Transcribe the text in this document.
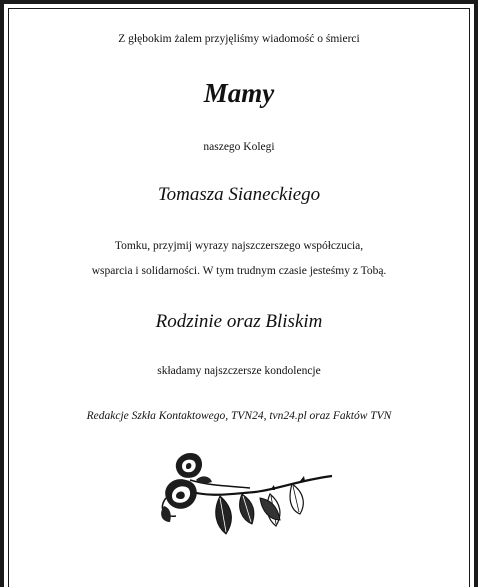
Z głębokim żalem przyjęliśmy wiadomość o śmierci
Mamy
naszego Kolegi
Tomasza Sianeckiego
Tomku, przyjmij wyrazy najszczerszego współczucia,
wsparcia i solidarności. W tym trudnym czasie jesteśmy z Tobą.
Rodzinie oraz Bliskim
składamy najszczersze kondolencje
Redakcje Szkła Kontaktowego, TVN24, tvn24.pl oraz Faktów TVN
